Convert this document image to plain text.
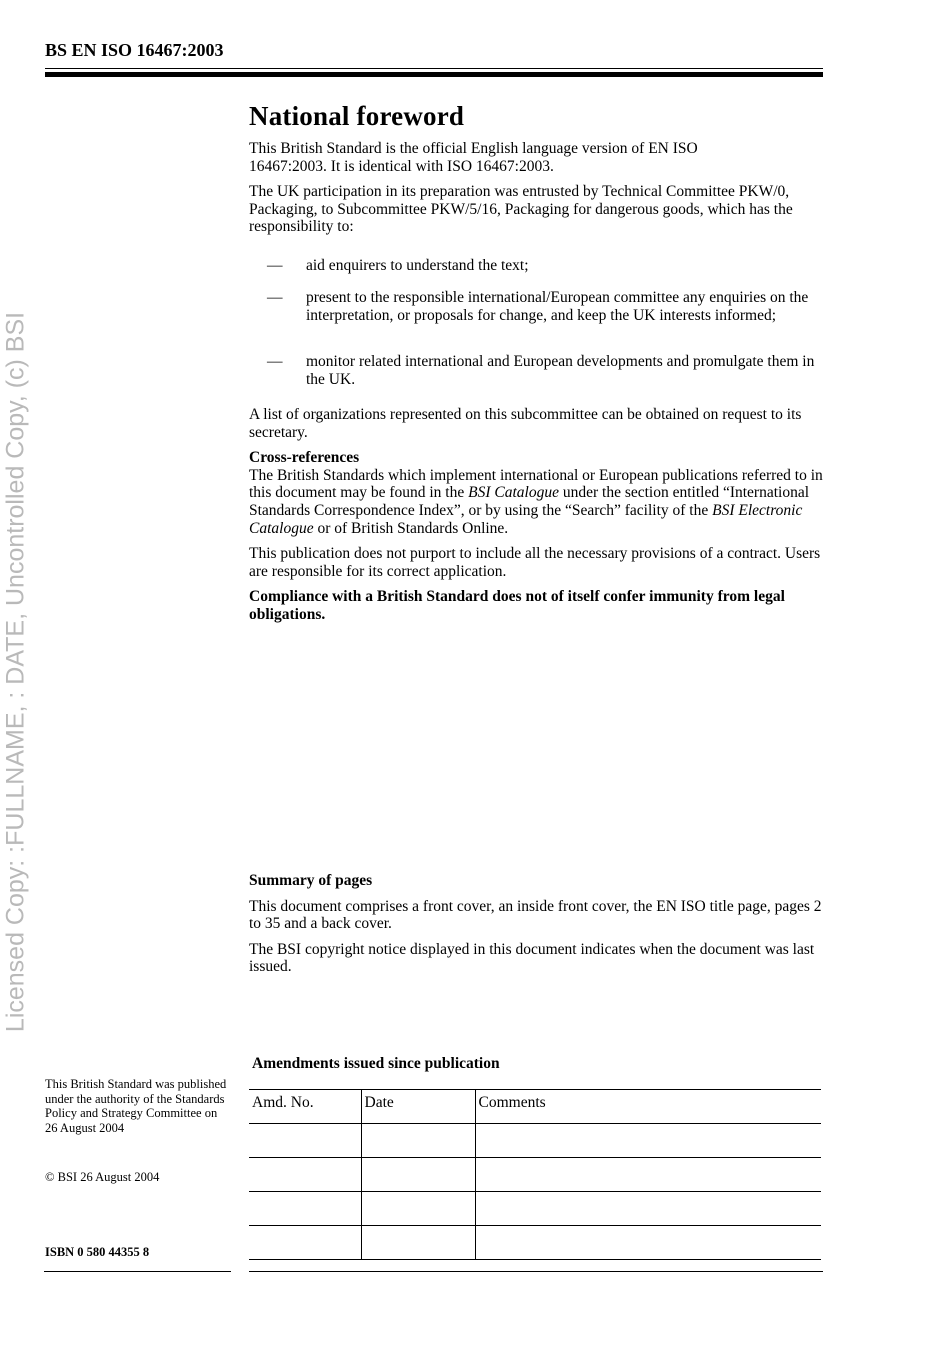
BS EN ISO 16467:2003
Licensed Copy: :FULLNAME, : DATE, Uncontrolled Copy, (c) BSI
National foreword

This British Standard is the official English language version of EN ISO 16467:2003. It is identical with ISO 16467:2003.

The UK participation in its preparation was entrusted by Technical Committee PKW/0, Packaging, to Subcommittee PKW/5/16, Packaging for dangerous goods, which has the responsibility to:

— aid enquirers to understand the text;
— present to the responsible international/European committee any enquiries on the interpretation, or proposals for change, and keep the UK interests informed;
— monitor related international and European developments and promulgate them in the UK.

A list of organizations represented on this subcommittee can be obtained on request to its secretary.

Cross-references

The British Standards which implement international or European publications referred to in this document may be found in the BSI Catalogue under the section entitled “International Standards Correspondence Index”, or by using the “Search” facility of the BSI Electronic Catalogue or of British Standards Online.

This publication does not purport to include all the necessary provisions of a contract. Users are responsible for its correct application.

Compliance with a British Standard does not of itself confer immunity from legal obligations.

Summary of pages

This document comprises a front cover, an inside front cover, the EN ISO title page, pages 2 to 35 and a back cover.

The BSI copyright notice displayed in this document indicates when the document was last issued.

This British Standard was published under the authority of the Standards Policy and Strategy Committee on 26 August 2004
© BSI 26 August 2004
ISBN 0 580 44355 8
Amendments issued since publication
Amd. No.	Date	Comments
